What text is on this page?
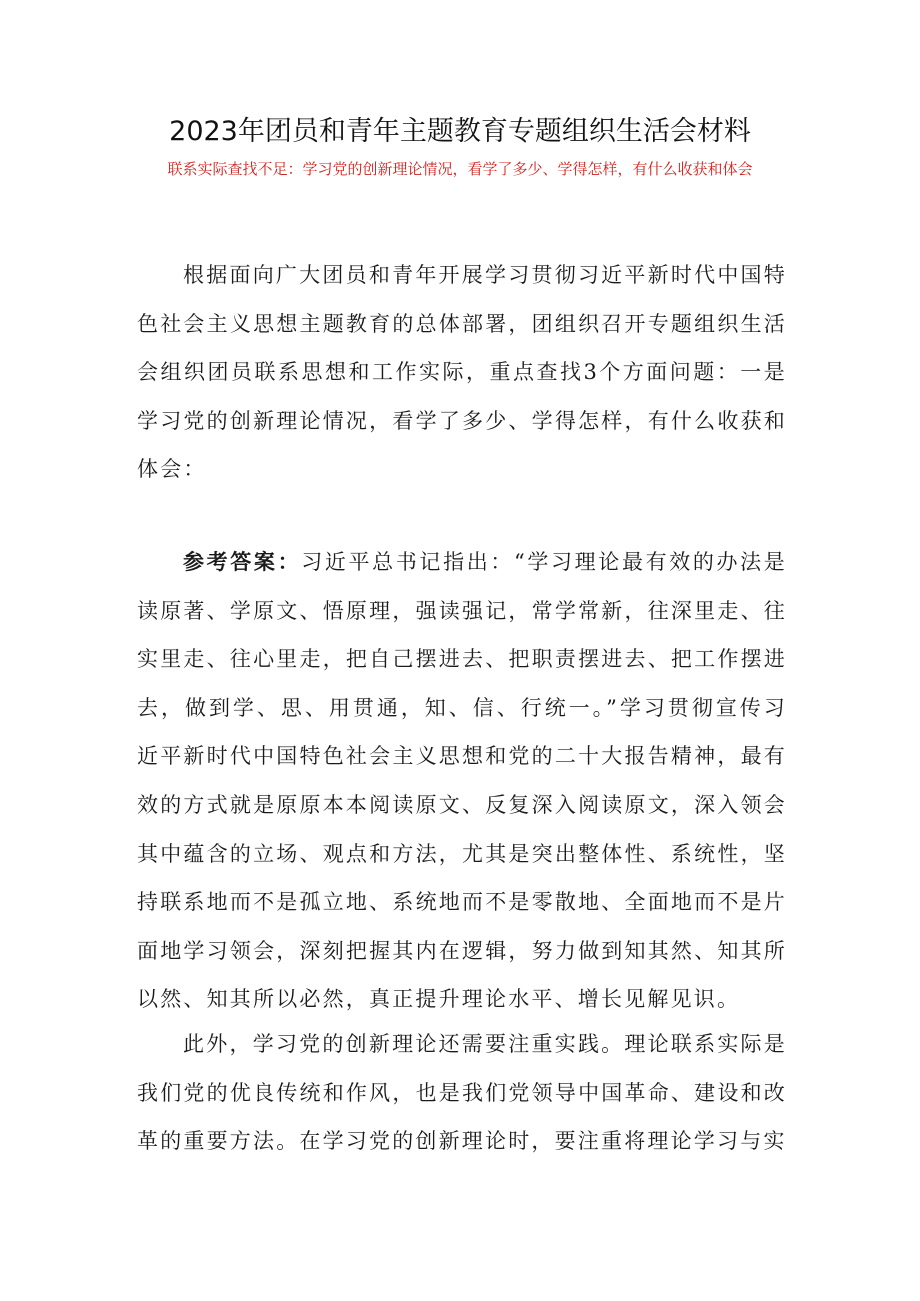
2023年团员和青年主题教育专题组织生活会材料
联系实际查找不足：学习党的创新理论情况，看学了多少、学得怎样，有什么收获和体会

根据面向广大团员和青年开展学习贯彻习近平新时代中国特色社会主义思想主题教育的总体部署，团组织召开专题组织生活会组织团员联系思想和工作实际，重点查找3个方面问题：一是学习党的创新理论情况，看学了多少、学得怎样，有什么收获和体会：

参考答案：习近平总书记指出：“学习理论最有效的办法是读原著、学原文、悟原理，强读强记，常学常新，往深里走、往实里走、往心里走，把自己摆进去、把职责摆进去、把工作摆进去，做到学、思、用贯通，知、信、行统一。”学习贯彻宣传习近平新时代中国特色社会主义思想和党的二十大报告精神，最有效的方式就是原原本本阅读原文、反复深入阅读原文，深入领会其中蕴含的立场、观点和方法，尤其是突出整体性、系统性，坚持联系地而不是孤立地、系统地而不是零散地、全面地而不是片面地学习领会，深刻把握其内在逻辑，努力做到知其然、知其所以然、知其所以必然，真正提升理论水平、增长见解见识。

此外，学习党的创新理论还需要注重实践。理论联系实际是我们党的优良传统和作风，也是我们党领导中国革命、建设和改革的重要方法。在学习党的创新理论时，要注重将理论学习与实
